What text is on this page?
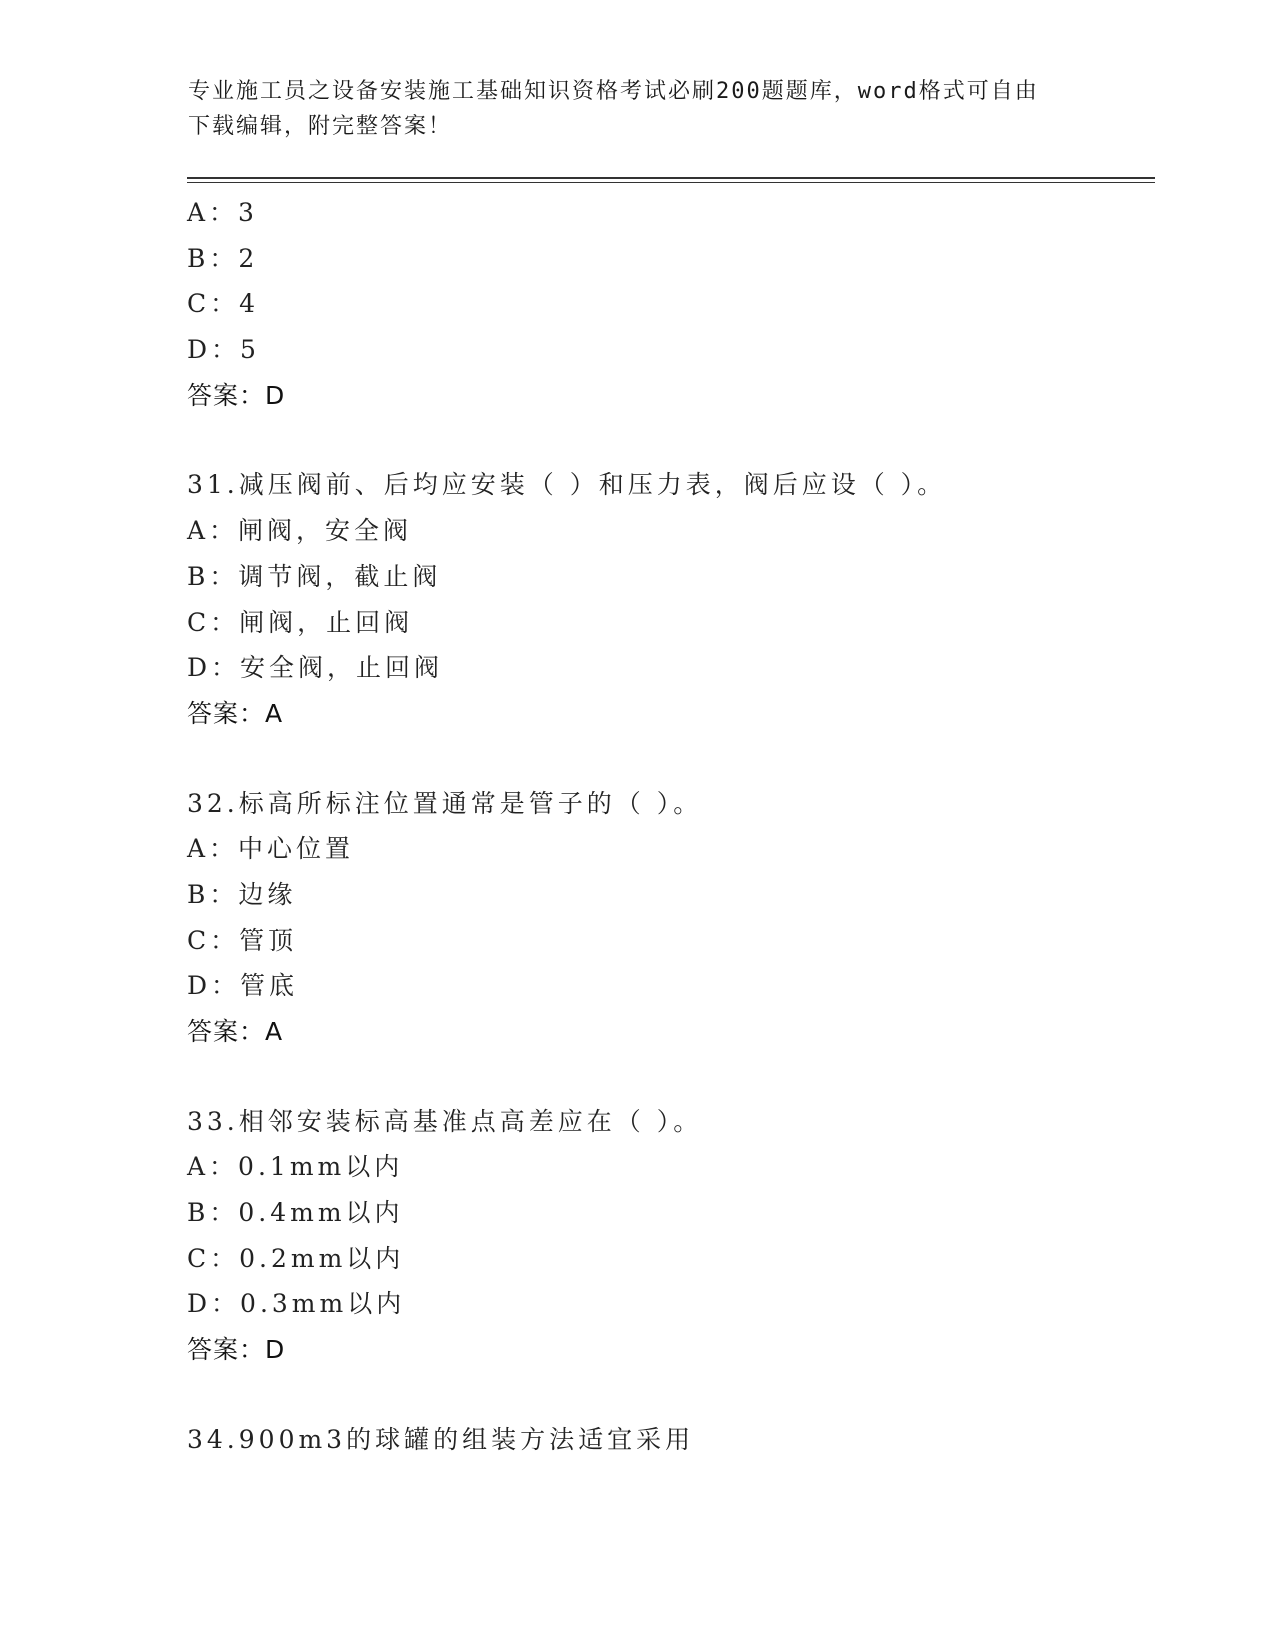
专业施工员之设备安装施工基础知识资格考试必刷200题题库，word格式可自由
下载编辑，附完整答案！
A：3
B：2
C：4
D：5
答案：D
31.减压阀前、后均应安装（ ）和压力表，阀后应设（ ）。
A：闸阀，安全阀
B：调节阀，截止阀
C：闸阀，止回阀
D：安全阀，止回阀
答案：A
32.标高所标注位置通常是管子的（ ）。
A：中心位置
B：边缘
C：管顶
D：管底
答案：A
33.相邻安装标高基准点高差应在（ ）。
A：0.1mm以内
B：0.4mm以内
C：0.2mm以内
D：0.3mm以内
答案：D
34.900m3的球罐的组装方法适宜采用
